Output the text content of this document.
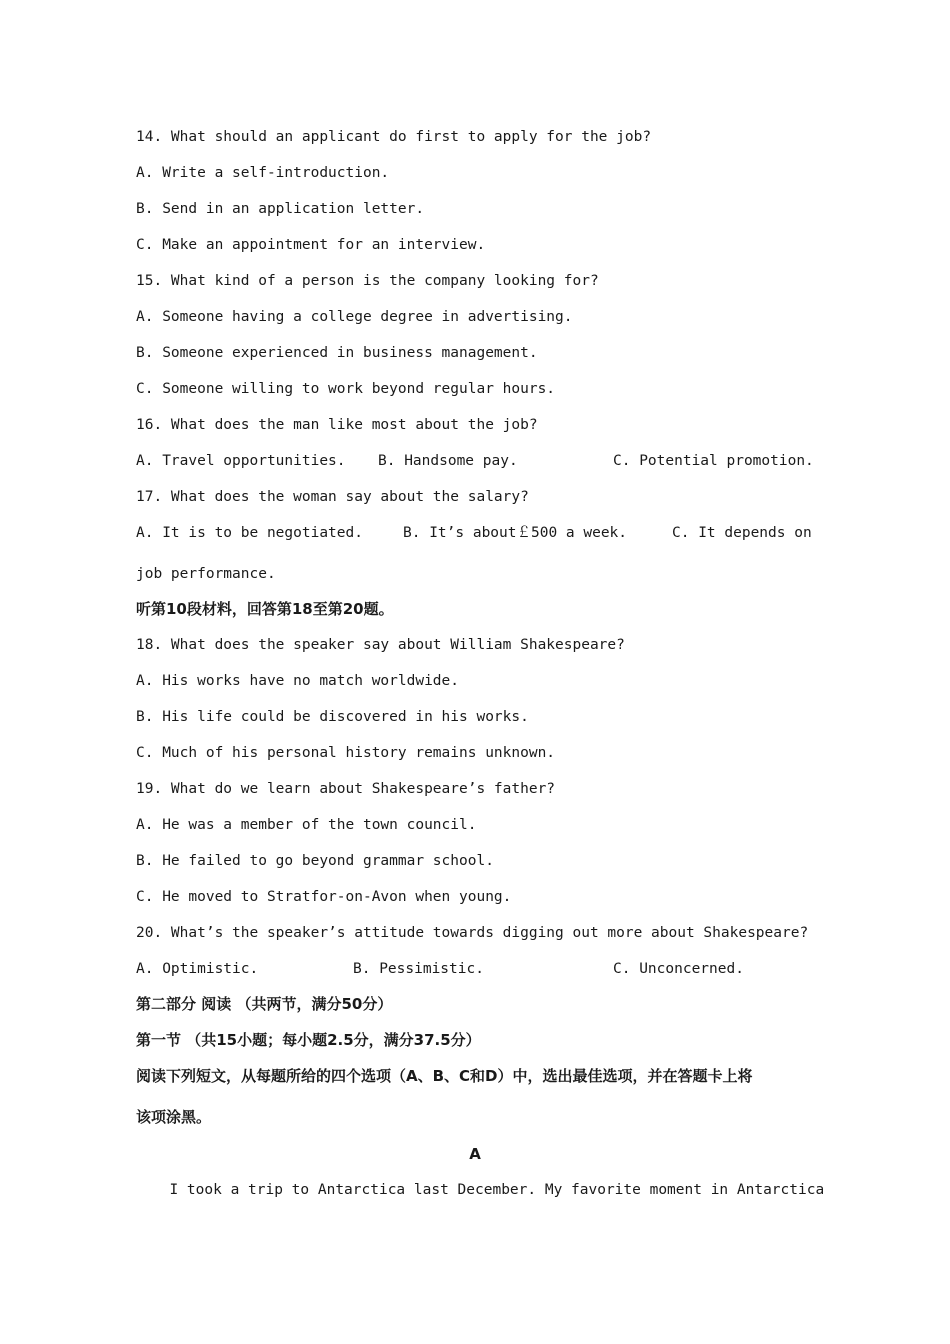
14. What should an applicant do first to apply for the job?
A. Write a self-introduction.
B. Send in an application letter.
C. Make an appointment for an interview.
15. What kind of a person is the company looking for?
A. Someone having a college degree in advertising.
B. Someone experienced in business management.
C. Someone willing to work beyond regular hours.
16. What does the man like most about the job?
A. Travel opportunities. B. Handsome pay.	C. Potential promotion.
17. What does the woman say about the salary?
A. It is to be negotiated.	B. It’s about￡500 a week.	C. It depends on
job performance.
听第10段材料，回答第18至第20题。
18. What does the speaker say about William Shakespeare?
A. His works have no match worldwide.
B. His life could be discovered in his works.
C. Much of his personal history remains unknown.
19. What do we learn about Shakespeare’s father?
A. He was a member of the town council.
B. He failed to go beyond grammar school.
C. He moved to Stratfor-on-Avon when young.
20. What’s the speaker’s attitude towards digging out more about Shakespeare?
A. Optimistic.	B. Pessimistic.	C. Unconcerned.
第二部分 阅读 （共两节，满分50分）
第一节 （共15小题；每小题2.5分，满分37.5分）
阅读下列短文，从每题所给的四个选项（A、B、C和D）中，选出最佳选项，并在答题卡上将
该项涂黑。
A
I took a trip to Antarctica last December. My favorite moment in Antarctica
